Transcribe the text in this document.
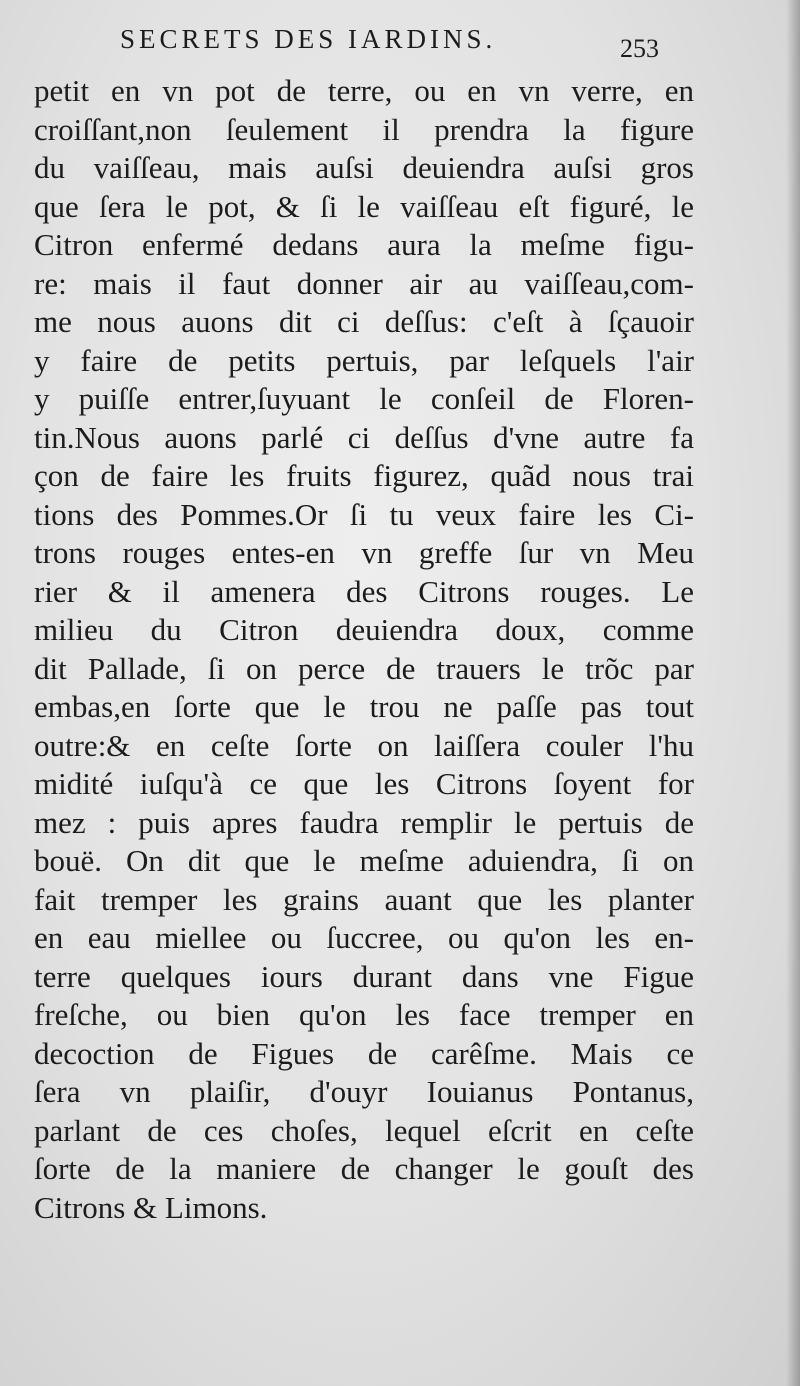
SECRETS DES IARDINS.	253
petit en vn pot de terre, ou en vn verre, en
croiſſant,non ſeulement il prendra la figure
du vaiſſeau, mais auſsi deuiendra auſsi gros
que ſera le pot, & ſi le vaiſſeau eſt figuré, le
Citron enfermé dedans aura la meſme figu-
re: mais il faut donner air au vaiſſeau,com-
me nous auons dit ci deſſus: c'eſt à ſçauoir
y faire de petits pertuis, par leſquels l'air
y puiſſe entrer,ſuyuant le conſeil de Floren-
tin.Nous auons parlé ci deſſus d'vne autre fa
çon de faire les fruits figurez, quãd nous trai
tions des Pommes.Or ſi tu veux faire les Ci-
trons rouges entes-en vn greffe ſur vn Meu
rier & il amenera des Citrons rouges. Le
milieu du Citron deuiendra doux, comme
dit Pallade, ſi on perce de trauers le trõc par
embas,en ſorte que le trou ne paſſe pas tout
outre:& en ceſte ſorte on laiſſera couler l'hu
midité iuſqu'à ce que les Citrons ſoyent for
mez : puis apres faudra remplir le pertuis de
bouë. On dit que le meſme aduiendra, ſi on
fait tremper les grains auant que les planter
en eau miellee ou ſuccree, ou qu'on les en-
terre quelques iours durant dans vne Figue
freſche, ou bien qu'on les face tremper en
decoction de Figues de carêſme. Mais ce
ſera vn plaiſir, d'ouyr Iouianus Pontanus,
parlant de ces choſes, lequel eſcrit en ceſte
ſorte de la maniere de changer le gouſt des
Citrons & Limons.
